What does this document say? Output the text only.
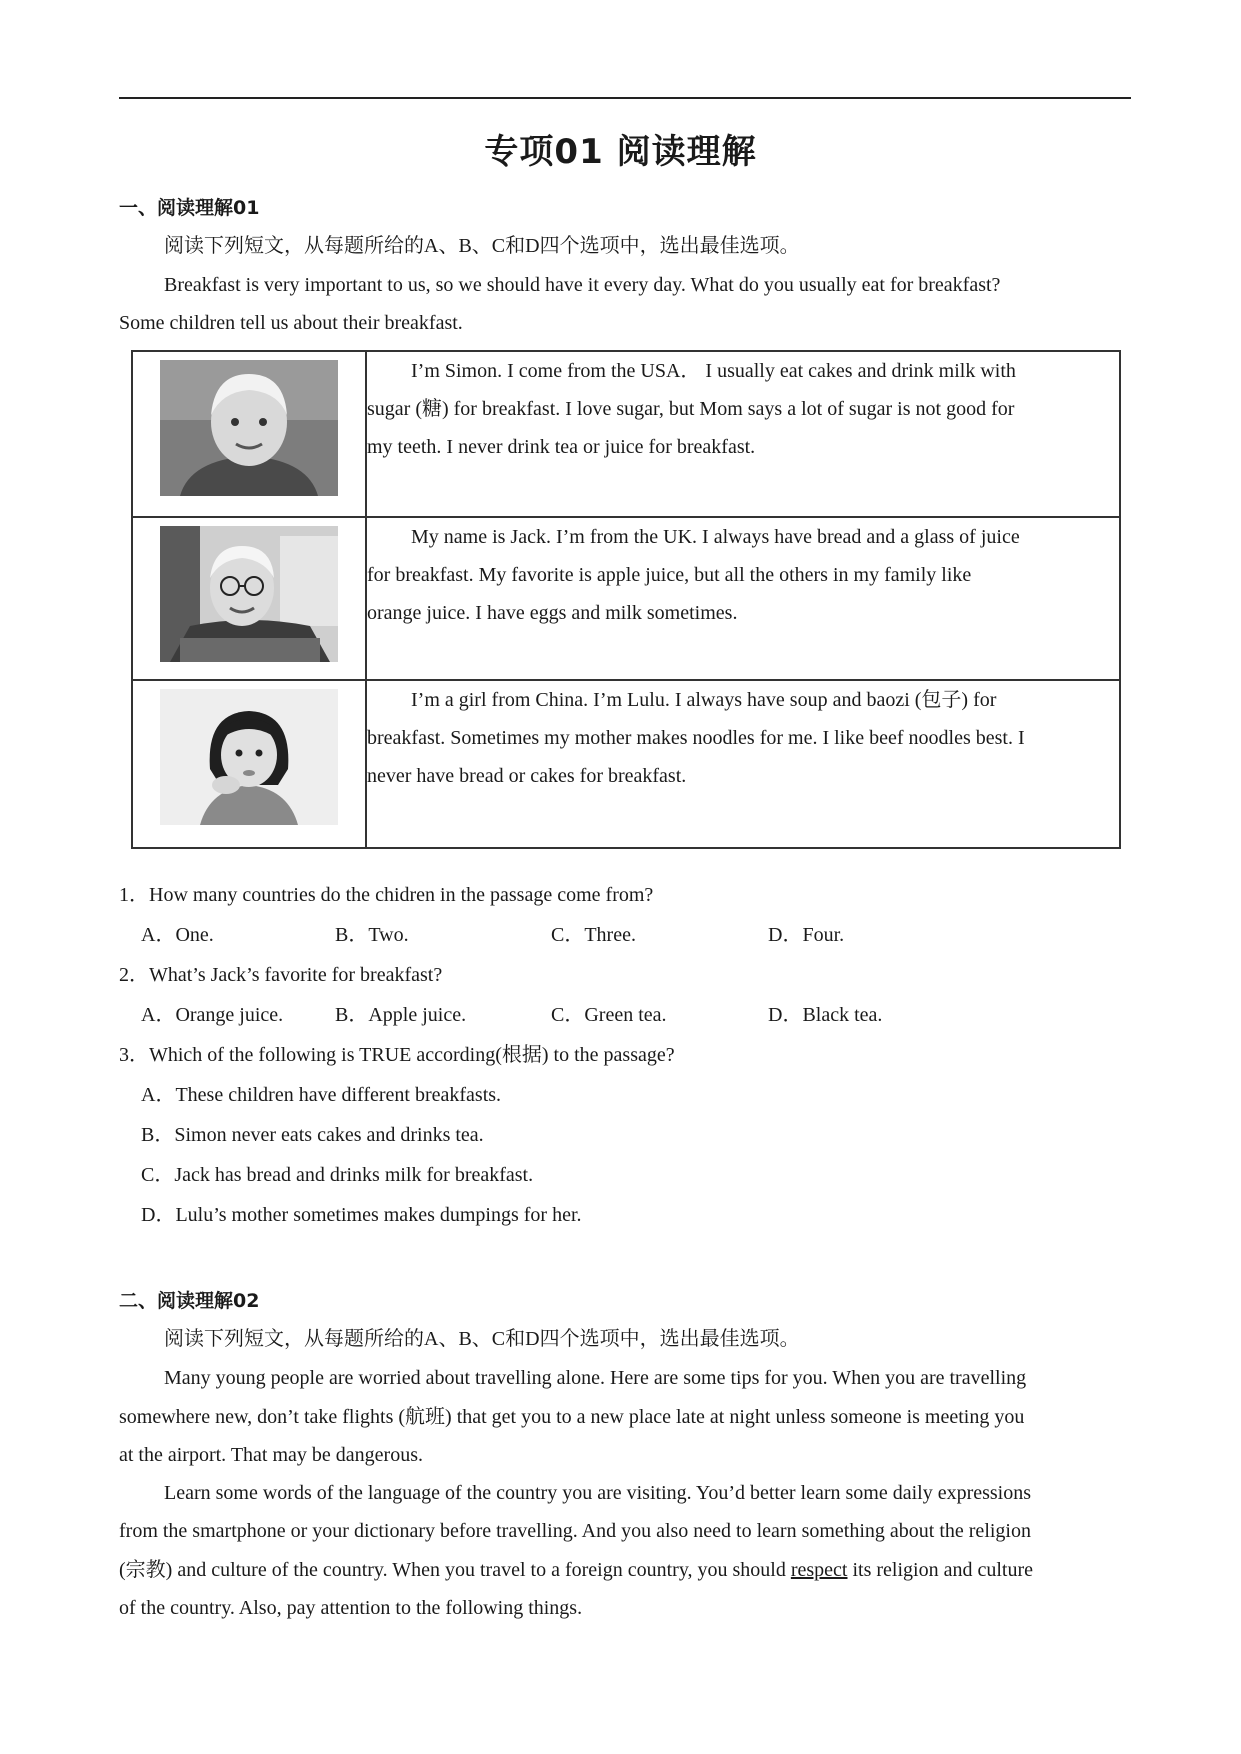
专项01 阅读理解
一、阅读理解01
阅读下列短文，从每题所给的A、B、C和D四个选项中，选出最佳选项。
Breakfast is very important to us, so we should have it every day. What do you usually eat for breakfast?
Some children tell us about their breakfast.

I’m Simon. I come from the USA． I usually eat cakes and drink milk with

sugar (糖) for breakfast. I love sugar, but Mom says a lot of sugar is not good for
my teeth. I never drink tea or juice for breakfast.

My name is Jack. I’m from the UK. I always have bread and a glass of juice

for breakfast. My favorite is apple juice, but all the others in my family like
orange juice. I have eggs and milk sometimes.

I’m a girl from China. I’m Lulu. I always have soup and baozi (包子) for

breakfast. Sometimes my mother makes noodles for me. I like beef noodles best. I
never have bread or cakes for breakfast.
1．How many countries do the chidren in the passage come from?
A．One.	B．Two.	C．Three.	D．Four.
2．What’s Jack’s favorite for breakfast?
A．Orange juice.	B．Apple juice.	C．Green tea.	D．Black tea.
3．Which of the following is TRUE according(根据) to the passage?
A．These children have different breakfasts.
B．Simon never eats cakes and drinks tea.
C．Jack has bread and drinks milk for breakfast.
D．Lulu’s mother sometimes makes dumpings for her.
二、阅读理解02
阅读下列短文，从每题所给的A、B、C和D四个选项中，选出最佳选项。
Many young people are worried about travelling alone. Here are some tips for you. When you are travelling
somewhere new, don’t take flights (航班) that get you to a new place late at night unless someone is meeting you
at the airport. That may be dangerous.
Learn some words of the language of the country you are visiting. You’d better learn some daily expressions
from the smartphone or your dictionary before travelling. And you also need to learn something about the religion
(宗教) and culture of the country. When you travel to a foreign country, you should respect its religion and culture
of the country. Also, pay attention to the following things.
